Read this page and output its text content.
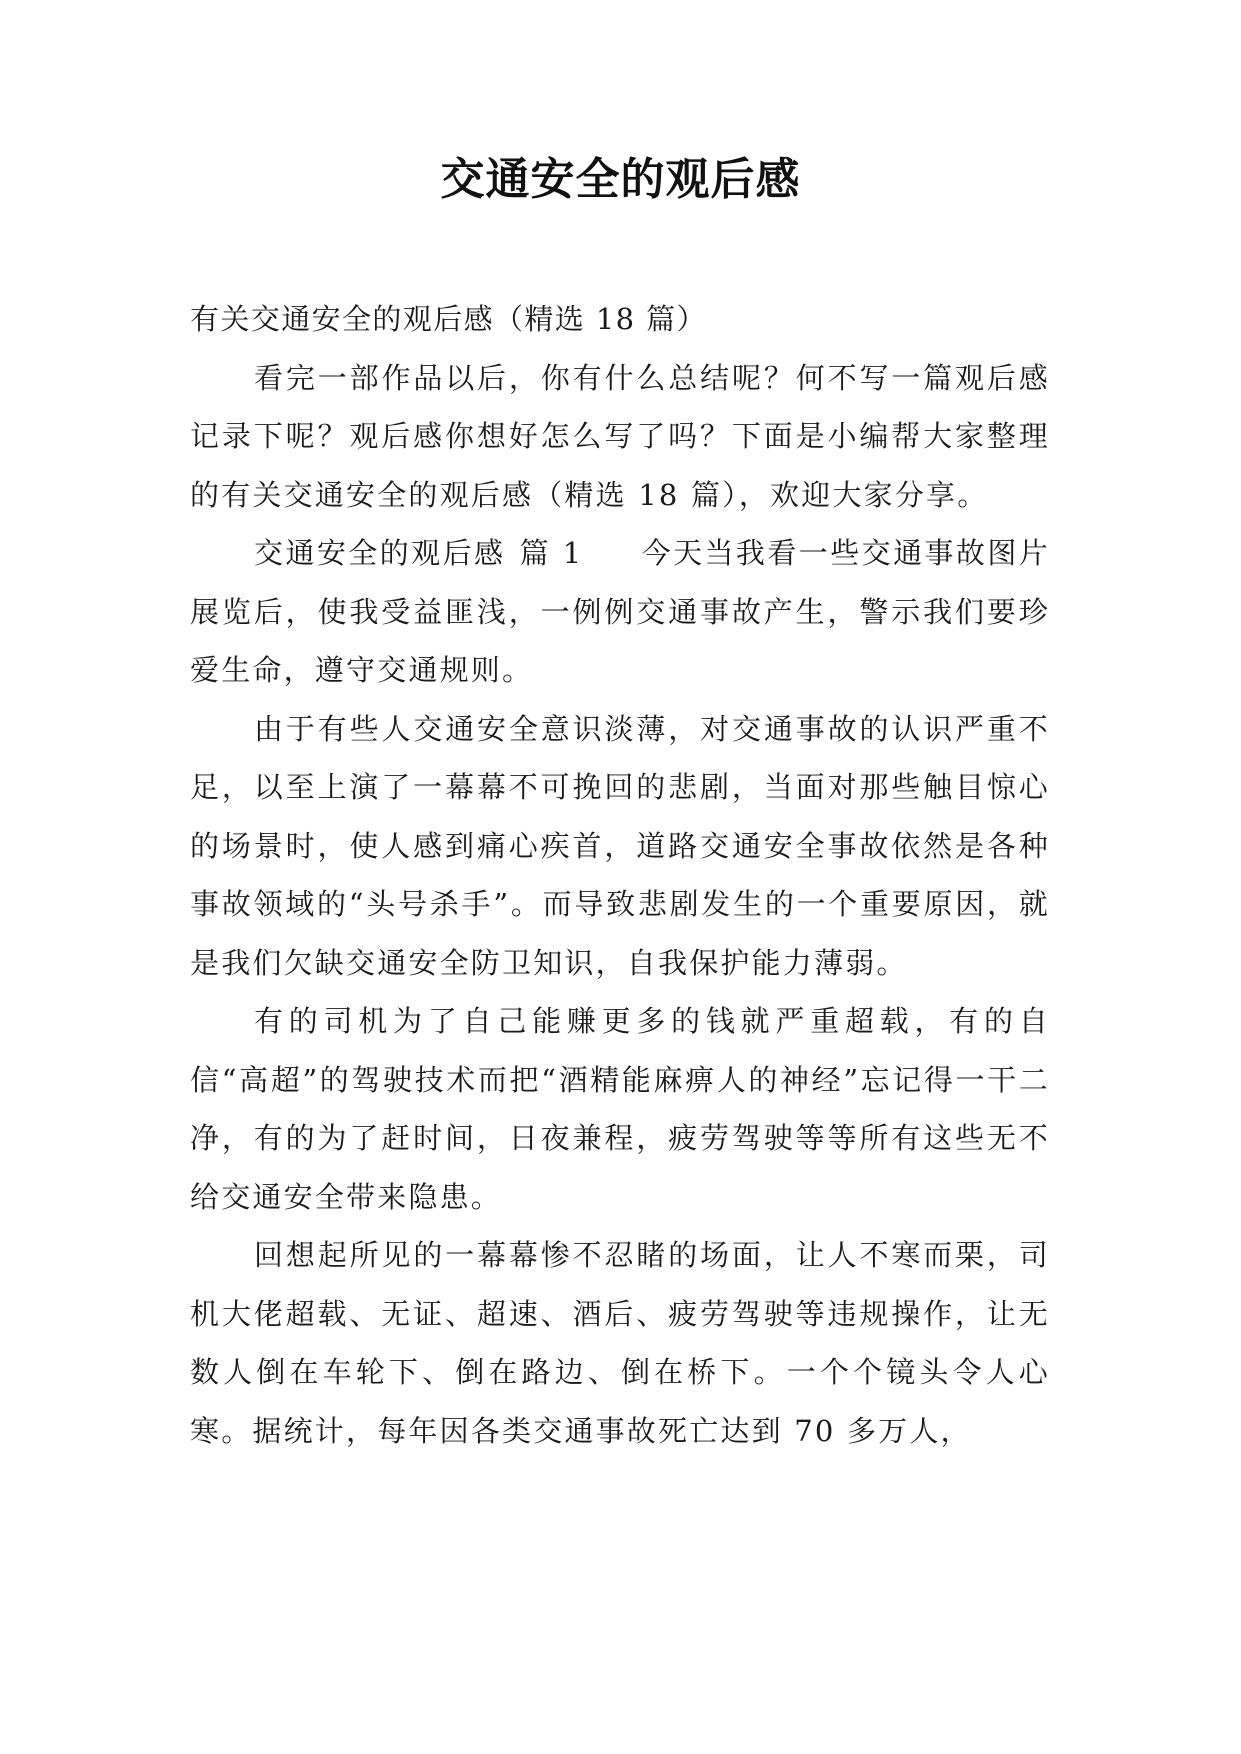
交通安全的观后感

有关交通安全的观后感（精选 18 篇）

看完一部作品以后，你有什么总结呢？何不写一篇观后感记录下呢？观后感你想好怎么写了吗？下面是小编帮大家整理的有关交通安全的观后感（精选 18 篇），欢迎大家分享。

交通安全的观后感 篇 1 今天当我看一些交通事故图片展览后，使我受益匪浅，一例例交通事故产生，警示我们要珍爱生命，遵守交通规则。

由于有些人交通安全意识淡薄，对交通事故的认识严重不足，以至上演了一幕幕不可挽回的悲剧，当面对那些触目惊心的场景时，使人感到痛心疾首，道路交通安全事故依然是各种事故领域的“头号杀手”。而导致悲剧发生的一个重要原因，就是我们欠缺交通安全防卫知识，自我保护能力薄弱。

有的司机为了自己能赚更多的钱就严重超载，有的自信“高超”的驾驶技术而把“酒精能麻痹人的神经”忘记得一干二净，有的为了赶时间，日夜兼程，疲劳驾驶等等所有这些无不给交通安全带来隐患。

回想起所见的一幕幕惨不忍睹的场面，让人不寒而栗，司机大佬超载、无证、超速、酒后、疲劳驾驶等违规操作，让无数人倒在车轮下、倒在路边、倒在桥下。一个个镜头令人心寒。据统计，每年因各类交通事故死亡达到 70 多万人，
